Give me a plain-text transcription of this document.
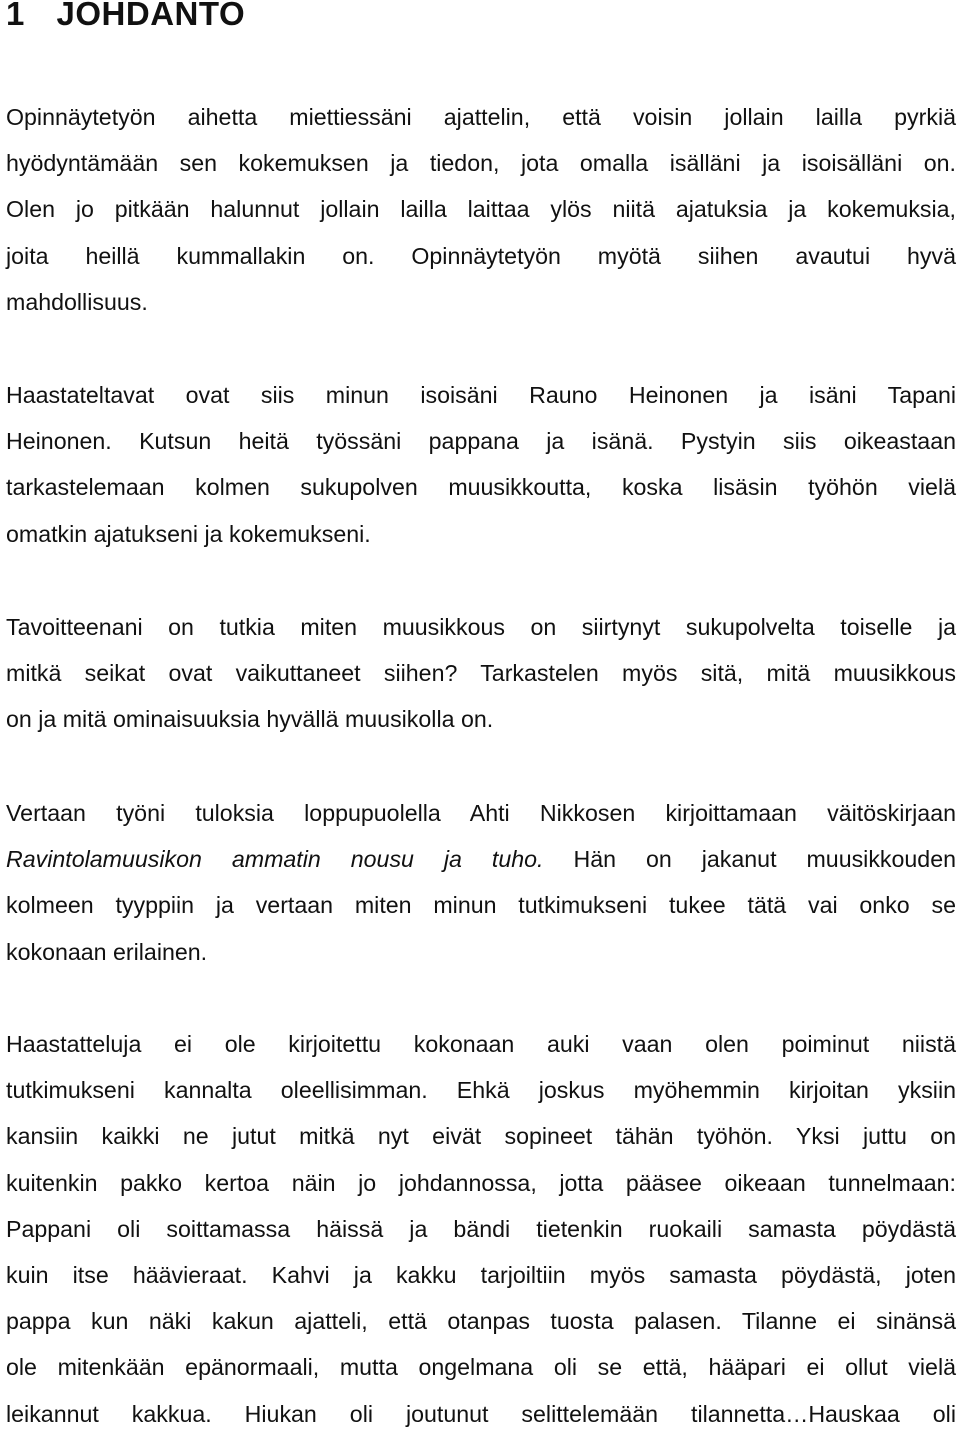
1 JOHDANTO
Opinnäytetyön aihetta miettiessäni ajattelin, että voisin jollain lailla pyrkiä
hyödyntämään sen kokemuksen ja tiedon, jota omalla isälläni ja isoisälläni on.
Olen jo pitkään halunnut jollain lailla laittaa ylös niitä ajatuksia ja kokemuksia,
joita heillä kummallakin on. Opinnäytetyön myötä siihen avautui hyvä
mahdollisuus.
Haastateltavat ovat siis minun isoisäni Rauno Heinonen ja isäni Tapani
Heinonen. Kutsun heitä työssäni pappana ja isänä. Pystyin siis oikeastaan
tarkastelemaan kolmen sukupolven muusikkoutta, koska lisäsin työhön vielä
omatkin ajatukseni ja kokemukseni.
Tavoitteenani on tutkia miten muusikkous on siirtynyt sukupolvelta toiselle ja
mitkä seikat ovat vaikuttaneet siihen? Tarkastelen myös sitä, mitä muusikkous
on ja mitä ominaisuuksia hyvällä muusikolla on.
Vertaan työni tuloksia loppupuolella Ahti Nikkosen kirjoittamaan väitöskirjaan
Ravintolamuusikon ammatin nousu ja tuho. Hän on jakanut muusikkouden
kolmeen tyyppiin ja vertaan miten minun tutkimukseni tukee tätä vai onko se
kokonaan erilainen.
Haastatteluja ei ole kirjoitettu kokonaan auki vaan olen poiminut niistä
tutkimukseni kannalta oleellisimman. Ehkä joskus myöhemmin kirjoitan yksiin
kansiin kaikki ne jutut mitkä nyt eivät sopineet tähän työhön. Yksi juttu on
kuitenkin pakko kertoa näin jo johdannossa, jotta pääsee oikeaan tunnelmaan:
Pappani oli soittamassa häissä ja bändi tietenkin ruokaili samasta pöydästä
kuin itse häävieraat. Kahvi ja kakku tarjoiltiin myös samasta pöydästä, joten
pappa kun näki kakun ajatteli, että otanpas tuosta palasen. Tilanne ei sinänsä
ole mitenkään epänormaali, mutta ongelmana oli se että, hääpari ei ollut vielä
leikannut kakkua. Hiukan oli joutunut selittelemään tilannetta…Hauskaa oli
